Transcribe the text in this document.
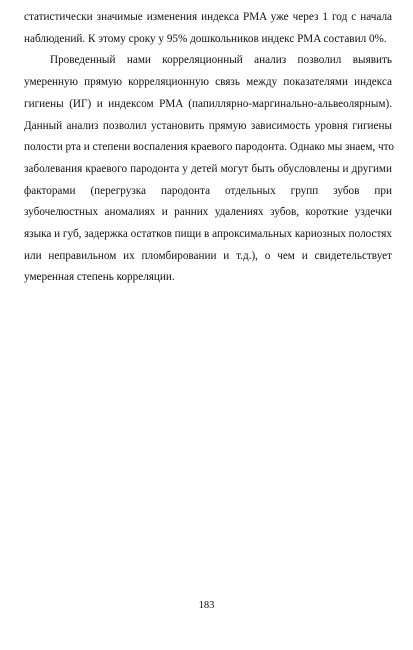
статистически значимые изменения индекса PMA уже через 1 год с начала
наблюдений. К этому сроку у 95% дошкольников индекс PMA составил 0%.
Проведенный нами корреляционный анализ позволил выявить
умеренную прямую корреляционную связь между показателями индекса
гигиены (ИГ) и индексом PMA (папиллярно-маргинально-альвеолярным).
Данный анализ позволил установить прямую зависимость уровня гигиены
полости рта и степени воспаления краевого пародонта. Однако мы знаем, что
заболевания краевого пародонта у детей могут быть обусловлены и другими
факторами (перегрузка пародонта отдельных групп зубов при
зубочелюстных аномалиях и ранних удалениях зубов, короткие уздечки
языка и губ, задержка остатков пищи в апроксимальных кариозных полостях
или неправильном их пломбировании и т.д.), о чем и свидетельствует
умеренная степень корреляции.
183
